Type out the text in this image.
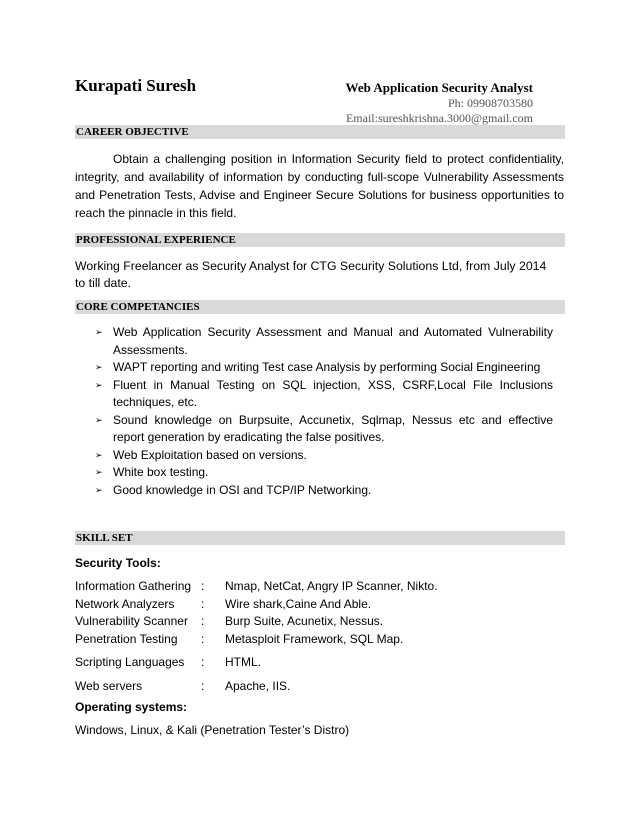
Kurapati Suresh	Web Application Security Analyst
Ph: 09908703580
Email:sureshkrishna.3000@gmail.com
CAREER OBJECTIVE
Obtain a challenging position in Information Security field to protect confidentiality, integrity, and availability of information by conducting full-scope Vulnerability Assessments and Penetration Tests, Advise and Engineer Secure Solutions for business opportunities to reach the pinnacle in this field.
PROFESSIONAL EXPERIENCE
Working Freelancer as Security Analyst for CTG Security Solutions Ltd, from July 2014 to till date.
CORE COMPETANCIES
➢ Web Application Security Assessment and Manual and Automated Vulnerability Assessments.
➢ WAPT reporting and writing Test case Analysis by performing Social Engineering
➢ Fluent in Manual Testing on SQL injection, XSS, CSRF,Local File Inclusions techniques, etc.
➢ Sound knowledge on Burpsuite, Accunetix, Sqlmap, Nessus etc and effective report generation by eradicating the false positives.
➢ Web Exploitation based on versions.
➢ White box testing.
➢ Good knowledge in OSI and TCP/IP Networking.
SKILL SET
Security Tools:
Information Gathering : Nmap, NetCat, Angry IP Scanner, Nikto.
Network Analyzers : Wire shark,Caine And Able.
Vulnerability Scanner : Burp Suite, Acunetix, Nessus.
Penetration Testing : Metasploit Framework, SQL Map.
Scripting Languages : HTML.
Web servers	: Apache, IIS.
Operating systems:
Windows, Linux, & Kali (Penetration Tester’s Distro)
